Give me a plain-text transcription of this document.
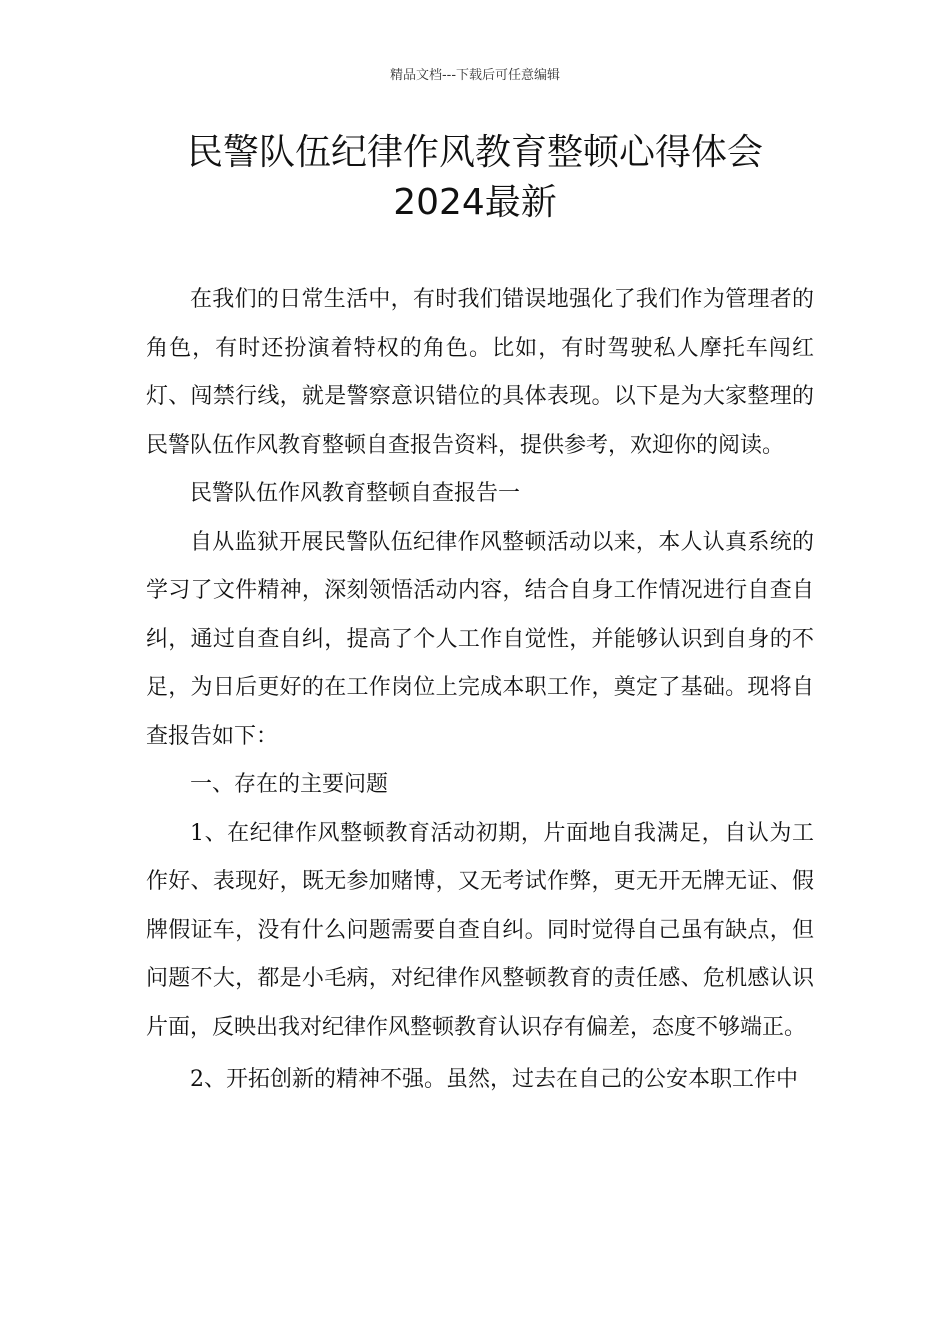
精品文档---下载后可任意编辑
民警队伍纪律作风教育整顿心得体会
2024最新

在我们的日常生活中，有时我们错误地强化了我们作为管理者的角色，有时还扮演着特权的角色。比如，有时驾驶私人摩托车闯红灯、闯禁行线，就是警察意识错位的具体表现。以下是为大家整理的民警队伍作风教育整顿自查报告资料，提供参考，欢迎你的阅读。

民警队伍作风教育整顿自查报告一

自从监狱开展民警队伍纪律作风整顿活动以来，本人认真系统的学习了文件精神，深刻领悟活动内容，结合自身工作情况进行自查自纠，通过自查自纠，提高了个人工作自觉性，并能够认识到自身的不足，为日后更好的在工作岗位上完成本职工作，奠定了基础。现将自查报告如下：

一、存在的主要问题

1、在纪律作风整顿教育活动初期，片面地自我满足，自认为工作好、表现好，既无参加赌博，又无考试作弊，更无开无牌无证、假牌假证车，没有什么问题需要自查自纠。同时觉得自己虽有缺点，但问题不大，都是小毛病，对纪律作风整顿教育的责任感、危机感认识片面，反映出我对纪律作风整顿教育认识存有偏差，态度不够端正。

2、开拓创新的精神不强。虽然，过去在自己的公安本职工作中
